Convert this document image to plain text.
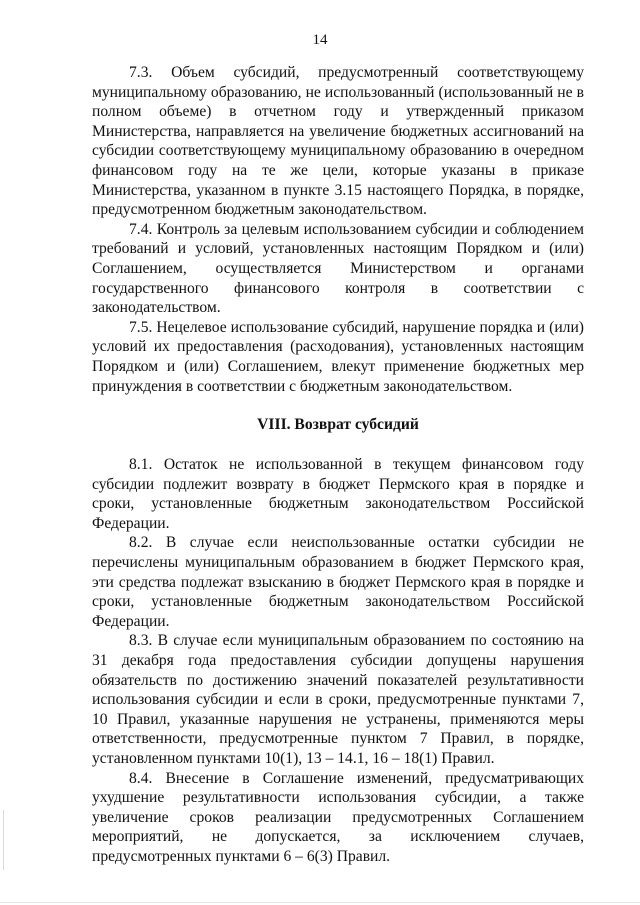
14

7.3. Объем субсидий, предусмотренный соответствующему муниципальному образованию, не использованный (использованный не в полном объеме) в отчетном году и утвержденный приказом Министерства, направляется на увеличение бюджетных ассигнований на субсидии соответствующему муниципальному образованию в очередном финансовом году на те же цели, которые указаны в приказе Министерства, указанном в пункте 3.15 настоящего Порядка, в порядке, предусмотренном бюджетным законодательством.

7.4. Контроль за целевым использованием субсидии и соблюдением требований и условий, установленных настоящим Порядком и (или) Соглашением, осуществляется Министерством и органами государственного финансового контроля в соответствии с законодательством.

7.5. Нецелевое использование субсидий, нарушение порядка и (или) условий их предоставления (расходования), установленных настоящим Порядком и (или) Соглашением, влекут применение бюджетных мер принуждения в соответствии с бюджетным законодательством.

VIII. Возврат субсидий

8.1. Остаток не использованной в текущем финансовом году субсидии подлежит возврату в бюджет Пермского края в порядке и сроки, установленные бюджетным законодательством Российской Федерации.

8.2. В случае если неиспользованные остатки субсидии не перечислены муниципальным образованием в бюджет Пермского края, эти средства подлежат взысканию в бюджет Пермского края в порядке и сроки, установленные бюджетным законодательством Российской Федерации.

8.3. В случае если муниципальным образованием по состоянию на 31 декабря года предоставления субсидии допущены нарушения обязательств по достижению значений показателей результативности использования субсидии и если в сроки, предусмотренные пунктами 7, 10 Правил, указанные нарушения не устранены, применяются меры ответственности, предусмотренные пунктом 7 Правил, в порядке, установленном пунктами 10(1), 13 – 14.1, 16 – 18(1) Правил.

8.4. Внесение в Соглашение изменений, предусматривающих ухудшение результативности использования субсидии, а также увеличение сроков реализации предусмотренных Соглашением мероприятий, не допускается, за исключением случаев, предусмотренных пунктами 6 – 6(3) Правил.
